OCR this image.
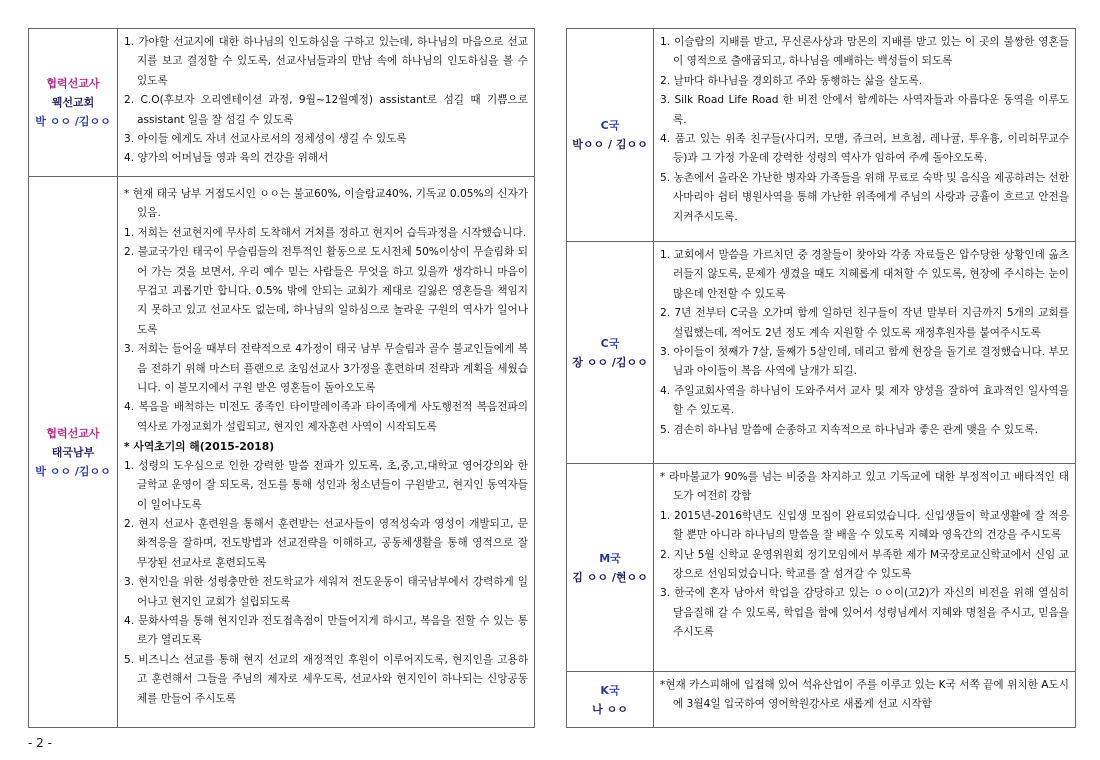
협력선교사
웩선교회
박 ㅇㅇ /김ㅇㅇ

1. 가야할 선교지에 대한 하나님의 인도하심을 구하고 있는데, 하나님의 마음으로 선교지를 보고 결정할 수 있도록, 선교사님들과의 만남 속에 하나님의 인도하심을 볼 수 있도록

2. C.O(후보자 오리엔테이션 과정, 9월~12월예정) assistant로 섬길 때 기쁨으로 assistant 일을 잘 섬길 수 있도록

3. 아이들 에게도 자녀 선교사로서의 정체성이 생길 수 있도록

4. 양가의 어머님들 영과 육의 건강을 위해서

협력선교사
태국남부
박 ㅇㅇ /김ㅇㅇ

* 현재 태국 남부 거점도시인 ㅇㅇ는 불교60%, 이슬람교40%, 기독교 0.05%의 신자가 있음.

1. 저희는 선교현지에 무사히 도착해서 거처를 정하고 현지어 습득과정을 시작했습니다.

2. 불교국가인 태국이 무슬림들의 전투적인 활동으로 도시전체 50%이상이 무슬림화 되어 가는 것을 보면서, 우리 예수 믿는 사람들은 무엇을 하고 있을까 생각하니 마음이 무겁고 괴롭기만 합니다. 0.5% 밖에 안되는 교회가 제대로 길잃은 영혼들을 책임지지 못하고 있고 선교사도 없는데, 하나님의 일하심으로 놀라운 구원의 역사가 일어나도록

3. 저희는 들어올 때부터 전략적으로 4가정이 태국 남부 무슬림과 골수 불교인들에게 복음 전하기 위해 마스터 플랜으로 초임선교사 3가정을 훈련하며 전략과 계획을 세웠습니다. 이 불모지에서 구원 받은 영혼들이 돌아오도록

4. 복음을 배척하는 미전도 종족인 타이말레이족과 타이족에게 사도행전적 복음전파의 역사로 가정교회가 설립되고, 현지인 제자훈련 사역이 시작되도록

* 사역초기의 해(2015-2018)

1. 성령의 도우심으로 인한 강력한 말씀 전파가 있도록, 초,중,고,대학교 영어강의와 한글학교 운영이 잘 되도록, 전도를 통해 성인과 청소년들이 구원받고, 현지인 동역자들이 일어나도록

2. 현지 선교사 훈련원을 통해서 훈련받는 선교사들이 영적성숙과 영성이 개발되고, 문화적응을 잘하며, 전도방법과 선교전략을 이해하고, 공동체생활을 통해 영적으로 잘 무장된 선교사로 훈련되도록

3. 현지인을 위한 성령충만한 전도학교가 세워져 전도운동이 태국남부에서 강력하게 일어나고 현지인 교회가 설립되도록

4. 문화사역을 통해 현지인과 전도접촉점이 만들어지게 하시고, 복음을 전할 수 있는 통로가 열리도록

5. 비즈니스 선교를 통해 현지 선교의 재정적인 후원이 이루어지도록, 현지인을 고용하고 훈련해서 그들을 주님의 제자로 세우도록, 선교사와 현지인이 하나되는 신앙공동체를 만들어 주시도록

C국
박ㅇㅇ / 김ㅇㅇ

1. 이슬람의 지배를 받고, 무신론사상과 맘몬의 지배를 받고 있는 이 곳의 불쌍한 영혼들이 영적으로 출애굽되고, 하나님을 예배하는 백성들이 되도록

2. 날마다 하나님을 경외하고 주와 동행하는 삶을 살도록.

3. Silk Road Life Road 한 비전 안에서 함께하는 사역자들과 아름다운 동역을 이루도록.

4. 품고 있는 위족 친구들(사디커, 모맽, 쥬크러, 브흐첨, 레나귤, 투우흉, 이리허무교수 등)과 그 가정 가운데 강력한 성령의 역사가 임하여 주께 돌아오도록.

5. 농촌에서 올라온 가난한 병자와 가족들을 위해 무료로 숙박 및 음식을 제공하려는 선한 사마리아 쉼터 병원사역을 통해 가난한 위족에게 주님의 사랑과 긍휼이 흐르고 안전을 지켜주시도록.

C국
장 ㅇㅇ /김ㅇㅇ

1. 교회에서 말씀을 가르치던 중 경찰들이 찾아와 각종 자료들은 압수당한 상황인데 옮츠러들지 않도록, 문제가 생겼을 때도 지혜롭게 대처할 수 있도록, 현장에 주시하는 눈이 많은데 안전할 수 있도록

2. 7년 전부터 C국을 오가며 함께 일하던 친구들이 작년 말부터 지금까지 5개의 교회를 설립했는데, 적어도 2년 정도 계속 지원할 수 있도록 재정후원자를 붙여주시도록

3. 아이들이 첫째가 7살, 둘째가 5살인데, 데리고 함께 현장을 돌기로 결정했습니다. 부모님과 아이들이 복음 사역에 날개가 되길.

4. 주일교회사역을 하나님이 도와주셔서 교사 및 제자 양성을 잘하여 효과적인 일사역을 할 수 있도록.

5. 겸손히 하나님 말씀에 순종하고 지속적으로 하나님과 좋은 관계 맺을 수 있도록.

M국
김 ㅇㅇ /현ㅇㅇ

* 라마불교가 90%를 넘는 비중을 차지하고 있고 기독교에 대한 부정적이고 배타적인 태도가 여전히 강함

1. 2015년-2016학년도 신입생 모집이 완료되었습니다. 신입생들이 학교생활에 잘 적응할 뿐만 아니라 하나님의 말씀을 잘 배울 수 있도록 지혜와 영육간의 건강을 주시도록

2. 지난 5월 신학교 운영위원회 정기모임에서 부족한 제가 M국장로교신학교에서 신임 교장으로 선임되었습니다. 학교를 잘 섬겨갈 수 있도록

3. 한국에 혼자 남아서 학업을 감당하고 있는 ㅇㅇ이(고2)가 자신의 비전을 위해 열심히 달음질해 갈 수 있도록, 학업을 함에 있어서 성령님께서 지혜와 명철을 주시고, 믿음을 주시도록

K국
나 ㅇㅇ

*현재 카스피해에 입접해 있어 석유산업이 주를 이루고 있는 K국 서쪽 끝에 위치한 A도시에 3월4일 입국하여 영어학원강사로 새롭게 선교 시작함

- 2 -
